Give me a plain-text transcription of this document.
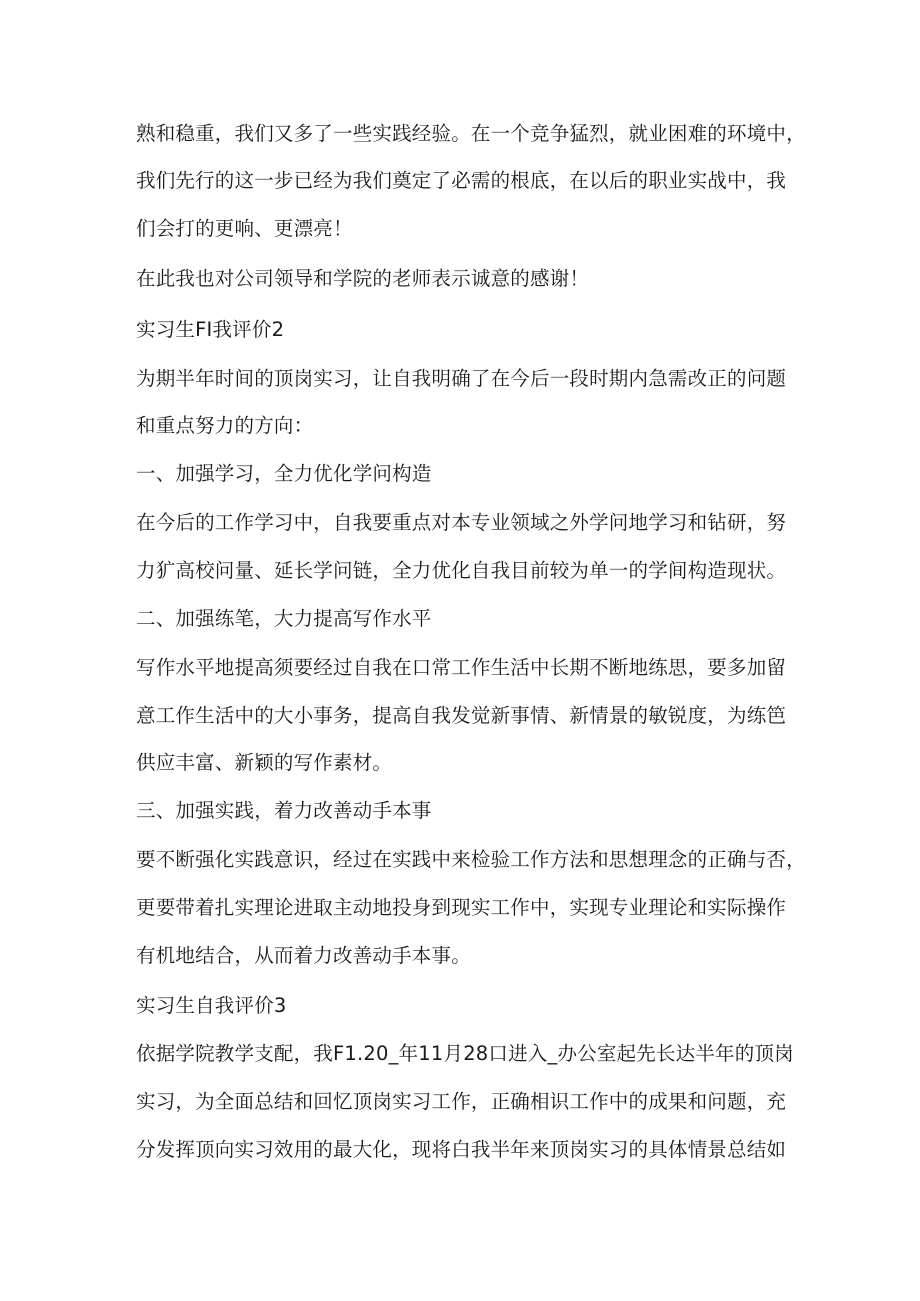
熟和稳重，我们又多了一些实践经验。在一个竞争猛烈，就业困难的环境中，
我们先行的这一步已经为我们奠定了必需的根底，在以后的职业实战中，我
们会打的更响、更漂亮！
在此我也对公司领导和学院的老师表示诚意的感谢！
实习生FI我评价2
为期半年时间的顶岗实习，让自我明确了在今后一段时期内急需改正的问题
和重点努力的方向：
一、加强学习，全力优化学问构造
在今后的工作学习中，自我要重点对本专业领域之外学问地学习和钻研，努
力犷高校问量、延长学问链，全力优化自我目前较为单一的学间构造现状。
二、加强练笔，大力提高写作水平
写作水平地提高须要经过自我在口常工作生活中长期不断地练思，要多加留
意工作生活中的大小事务，提高自我发觉新事情、新情景的敏锐度，为练笆
供应丰富、新颖的写作素材。
三、加强实践，着力改善动手本事
要不断强化实践意识，经过在实践中来检验工作方法和思想理念的正确与否，
更要带着扎实理论进取主动地投身到现实工作中，实现专业理论和实际操作
有机地结合，从而着力改善动手本事。
实习生自我评价3
依据学院教学支配，我F1.20_年11月28口进入_办公室起先长达半年的顶岗
实习，为全面总结和回忆顶岗实习工作，正确相识工作中的成果和问题，充
分发挥顶向实习效用的最大化，现将白我半年来顶岗实习的具体情景总结如
